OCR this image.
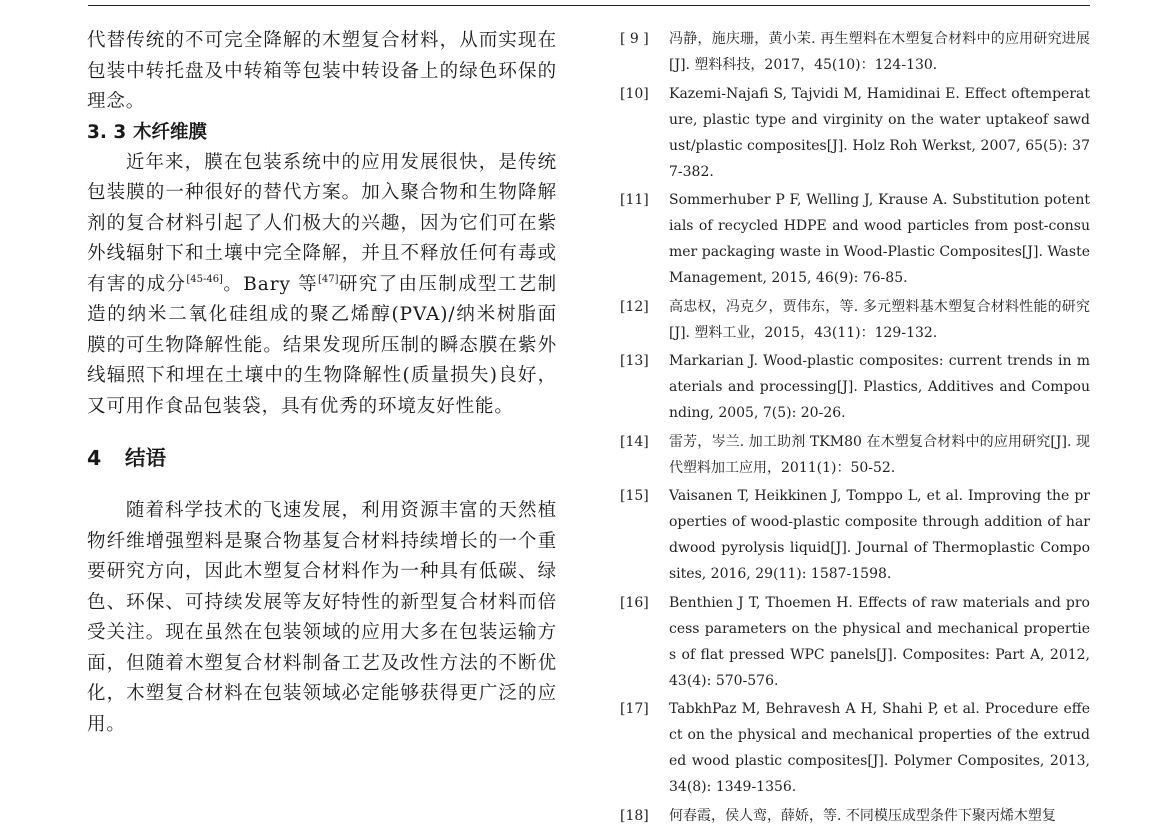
代替传统的不可完全降解的木塑复合材料，从而实现在包装中转托盘及中转箱等包装中转设备上的绿色环保的理念。

3. 3 木纤维膜

近年来，膜在包装系统中的应用发展很快，是传统包装膜的一种很好的替代方案。加入聚合物和生物降解剂的复合材料引起了人们极大的兴趣，因为它们可在紫外线辐射下和土壤中完全降解，并且不释放任何有毒或有害的成分[45-46]。Bary 等[47]研究了由压制成型工艺制造的纳米二氧化硅组成的聚乙烯醇(PVA)/纳米树脂面膜的可生物降解性能。结果发现所压制的瞬态膜在紫外线辐照下和埋在土壤中的生物降解性(质量损失)良好，又可用作食品包装袋，具有优秀的环境友好性能。

4 结语

随着科学技术的飞速发展，利用资源丰富的天然植物纤维增强塑料是聚合物基复合材料持续增长的一个重要研究方向，因此木塑复合材料作为一种具有低碳、绿色、环保、可持续发展等友好特性的新型复合材料而倍受关注。现在虽然在包装领域的应用大多在包装运输方面，但随着木塑复合材料制备工艺及改性方法的不断优化，木塑复合材料在包装领域必定能够获得更广泛的应用。

[ 9 ]	冯静，施庆珊，黄小茉. 再生塑料在木塑复合材料中的应用研究进展[J]. 塑料科技，2017，45(10)：124-130.
[10]	Kazemi-Najafi S, Tajvidi M, Hamidinai E. Effect oftemperature, plastic type and virginity on the water uptakeof sawdust/plastic composites[J]. Holz Roh Werkst, 2007, 65(5): 377-382.
[11]	Sommerhuber P F, Welling J, Krause A. Substitution potentials of recycled HDPE and wood particles from post-consumer packaging waste in Wood-Plastic Composites[J]. Waste Management, 2015, 46(9): 76-85.
[12]	高忠权，冯克夕，贾伟东，等. 多元塑料基木塑复合材料性能的研究[J]. 塑料工业，2015，43(11)：129-132.
[13]	Markarian J. Wood-plastic composites: current trends in materials and processing[J]. Plastics, Additives and Compounding, 2005, 7(5): 20-26.
[14]	雷芳，岑兰. 加工助剂 TKM80 在木塑复合材料中的应用研究[J]. 现代塑料加工应用，2011(1)：50-52.
[15]	Vaisanen T, Heikkinen J, Tomppo L, et al. Improving the properties of wood-plastic composite through addition of hardwood pyrolysis liquid[J]. Journal of Thermoplastic Composites, 2016, 29(11): 1587-1598.
[16]	Benthien J T, Thoemen H. Effects of raw materials and process parameters on the physical and mechanical properties of flat pressed WPC panels[J]. Composites: Part A, 2012, 43(4): 570-576.
[17]	TabkhPaz M, Behravesh A H, Shahi P, et al. Procedure effect on the physical and mechanical properties of the extruded wood plastic composites[J]. Polymer Composites, 2013, 34(8): 1349-1356.
[18]	何春霞，侯人鸾，薛娇，等. 不同模压成型条件下聚丙烯木塑复
